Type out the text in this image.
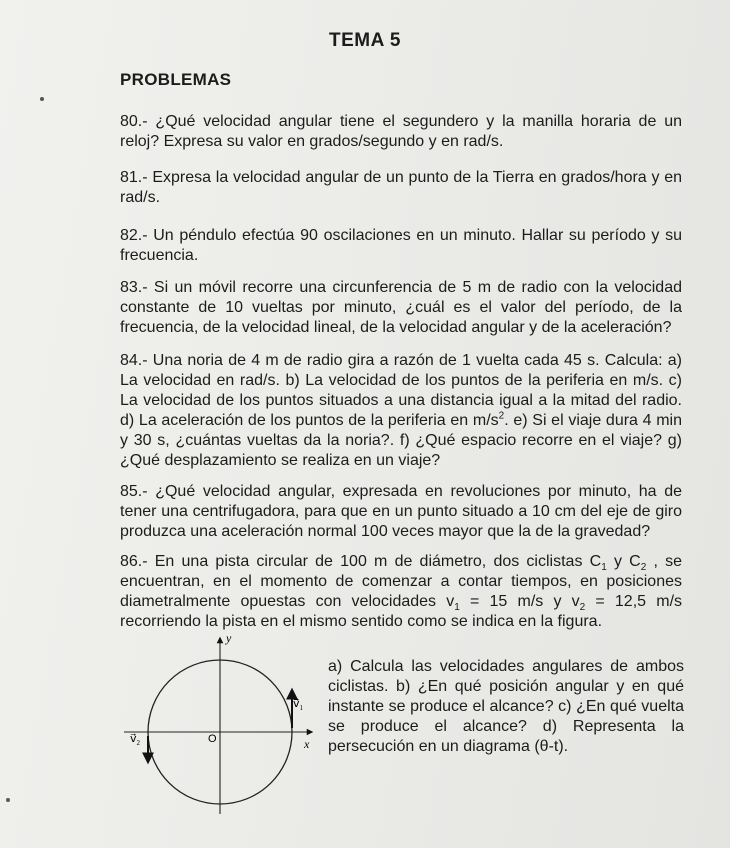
TEMA 5
PROBLEMAS

80.- ¿Qué velocidad angular tiene el segundero y la manilla horaria de un reloj? Expresa su valor en grados/segundo y en rad/s.

81.- Expresa la velocidad angular de un punto de la Tierra en grados/hora y en rad/s.

82.- Un péndulo efectúa 90 oscilaciones en un minuto. Hallar su período y su frecuencia.

83.- Si un móvil recorre una circunferencia de 5 m de radio con la velocidad constante de 10 vueltas por minuto, ¿cuál es el valor del período, de la frecuencia, de la velocidad lineal, de la velocidad angular y de la aceleración?

84.- Una noria de 4 m de radio gira a razón de 1 vuelta cada 45 s. Calcula: a) La velocidad en rad/s. b) La velocidad de los puntos de la periferia en m/s. c) La velocidad de los puntos situados a una distancia igual a la mitad del radio. d) La aceleración de los puntos de la periferia en $m/s^2$. e) Si el viaje dura 4 min y 30 s, ¿cuántas vueltas da la noria?. f) ¿Qué espacio recorre en el viaje? g) ¿Qué desplazamiento se realiza en un viaje?

85.- ¿Qué velocidad angular, expresada en revoluciones por minuto, ha de tener una centrifugadora, para que en un punto situado a 10 cm del eje de giro produzca una aceleración normal 100 veces mayor que la de la gravedad?

86.- En una pista circular de 100 m de diámetro, dos ciclistas $C_1$ y $C_2$ , se encuentran, en el momento de comenzar a contar tiempos, en posiciones diametralmente opuestas con velocidades $v_1 = 15$ m/s y $v_2 = 12,5$ m/s recorriendo la pista en el mismo sentido como se indica en la figura.

a) Calcula las velocidades angulares de ambos ciclistas. b) ¿En qué posición angular y en qué instante se produce el alcance? c) ¿En qué vuelta se produce el alcance? d) Representa la persecución en un diagrama (θ-t).

y
x
O
$v⃗_1$
$v⃗_2$
